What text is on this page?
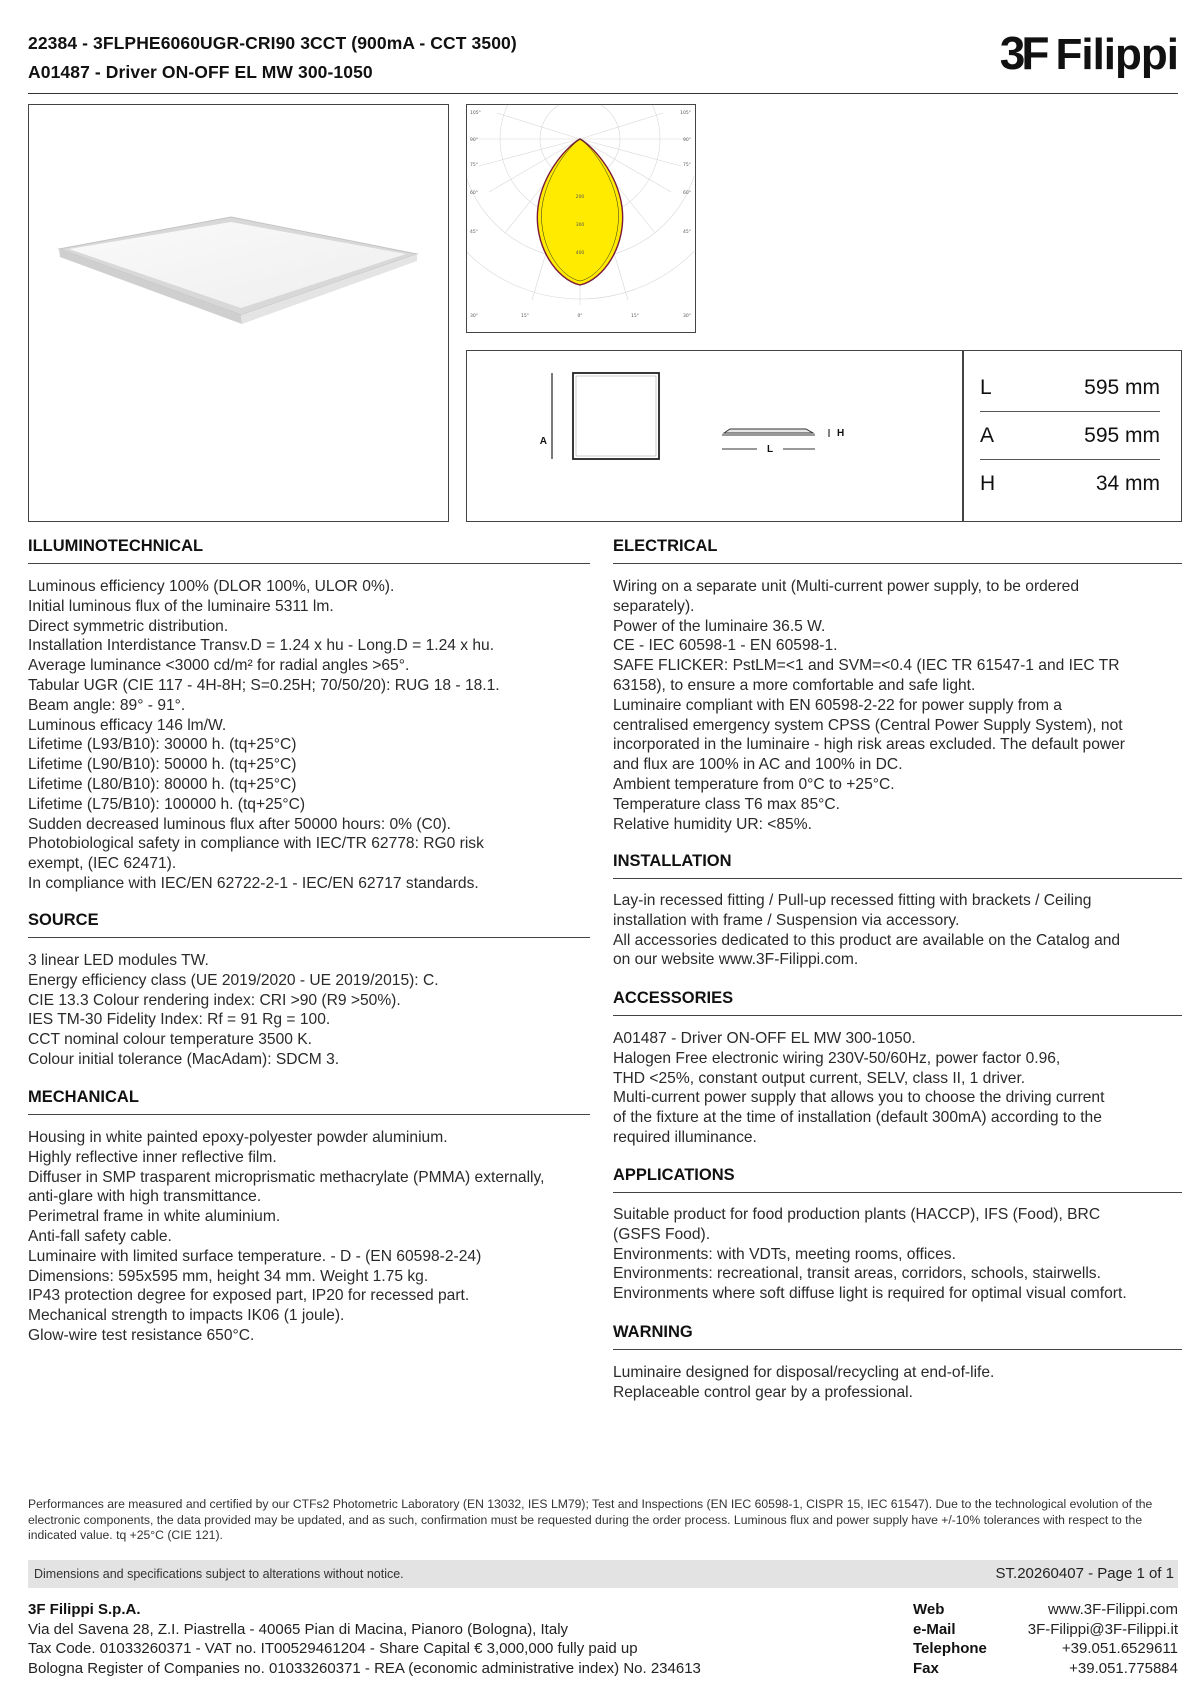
22384 - 3FLPHE6060UGR-CRI90 3CCT (900mA - CCT 3500)
A01487 - Driver ON-OFF EL MW 300-1050	3F Filippi
105°	105°
90°
75°
60°
45°
90°
75°
60°
45°
200
300
400
30°	15°	0°	15°	30°
A
H
L
L	595 mm
A	595 mm
H	34 mm
ILLUMINOTECHNICAL
Luminous efficiency 100% (DLOR 100%, ULOR 0%).
Initial luminous flux of the luminaire 5311 lm.
Direct symmetric distribution.
Installation Interdistance Transv.D = 1.24 x hu - Long.D = 1.24 x hu.
Average luminance <3000 cd/m² for radial angles >65°.
Tabular UGR (CIE 117 - 4H-8H; S=0.25H; 70/50/20): RUG 18 - 18.1.
Beam angle: 89° - 91°.
Luminous efficacy 146 lm/W.
Lifetime (L93/B10): 30000 h. (tq+25°C)
Lifetime (L90/B10): 50000 h. (tq+25°C)
Lifetime (L80/B10): 80000 h. (tq+25°C)
Lifetime (L75/B10): 100000 h. (tq+25°C)
Sudden decreased luminous flux after 50000 hours: 0% (C0).
Photobiological safety in compliance with IEC/TR 62778: RG0 risk
exempt, (IEC 62471).
In compliance with IEC/EN 62722-2-1 - IEC/EN 62717 standards.
SOURCE
3 linear LED modules TW.
Energy efficiency class (UE 2019/2020 - UE 2019/2015): C.
CIE 13.3 Colour rendering index: CRI >90 (R9 >50%).
IES TM-30 Fidelity Index: Rf = 91 Rg = 100.
CCT nominal colour temperature 3500 K.
Colour initial tolerance (MacAdam): SDCM 3.
MECHANICAL
Housing in white painted epoxy-polyester powder aluminium.
Highly reflective inner reflective film.
Diffuser in SMP trasparent microprismatic methacrylate (PMMA) externally,
anti-glare with high transmittance.
Perimetral frame in white aluminium.
Anti-fall safety cable.
Luminaire with limited surface temperature. - D - (EN 60598-2-24)
Dimensions: 595x595 mm, height 34 mm. Weight 1.75 kg.
IP43 protection degree for exposed part, IP20 for recessed part.
Mechanical strength to impacts IK06 (1 joule).
Glow-wire test resistance 650°C.
ELECTRICAL
Wiring on a separate unit (Multi-current power supply, to be ordered
separately).
Power of the luminaire 36.5 W.
CE - IEC 60598-1 - EN 60598-1.
SAFE FLICKER: PstLM=<1 and SVM=<0.4 (IEC TR 61547-1 and IEC TR
63158), to ensure a more comfortable and safe light.
Luminaire compliant with EN 60598-2-22 for power supply from a
centralised emergency system CPSS (Central Power Supply System), not
incorporated in the luminaire - high risk areas excluded. The default power
and flux are 100% in AC and 100% in DC.
Ambient temperature from 0°C to +25°C.
Temperature class T6 max 85°C.
Relative humidity UR: <85%.
INSTALLATION
Lay-in recessed fitting / Pull-up recessed fitting with brackets / Ceiling
installation with frame / Suspension via accessory.
All accessories dedicated to this product are available on the Catalog and
on our website www.3F-Filippi.com.
ACCESSORIES
A01487 - Driver ON-OFF EL MW 300-1050.
Halogen Free electronic wiring 230V-50/60Hz, power factor 0.96,
THD <25%, constant output current, SELV, class II, 1 driver.
Multi-current power supply that allows you to choose the driving current
of the fixture at the time of installation (default 300mA) according to the
required illuminance.
APPLICATIONS
Suitable product for food production plants (HACCP), IFS (Food), BRC
(GSFS Food).
Environments: with VDTs, meeting rooms, offices.
Environments: recreational, transit areas, corridors, schools, stairwells.
Environments where soft diffuse light is required for optimal visual comfort.
WARNING
Luminaire designed for disposal/recycling at end-of-life.
Replaceable control gear by a professional.
Performances are measured and certified by our CTFs2 Photometric Laboratory (EN 13032, IES LM79); Test and Inspections (EN IEC 60598-1, CISPR 15, IEC 61547). Due to the technological evolution of the electronic components, the data provided may be updated, and as such, confirmation must be requested during the order process. Luminous flux and power supply have +/-10% tolerances with respect to the indicated value. tq +25°C (CIE 121).
Dimensions and specifications subject to alterations without notice.	ST.20260407 - Page 1 of 1
3F Filippi S.p.A.
Via del Savena 28, Z.I. Piastrella - 40065 Pian di Macina, Pianoro (Bologna), Italy
Tax Code. 01033260371 - VAT no. IT00529461204 - Share Capital € 3,000,000 fully paid up
Bologna Register of Companies no. 01033260371 - REA (economic administrative index) No. 234613
Web	www.3F-Filippi.com
e-Mail	3F-Filippi@3F-Filippi.it
Telephone	+39.051.6529611
Fax	+39.051.775884
